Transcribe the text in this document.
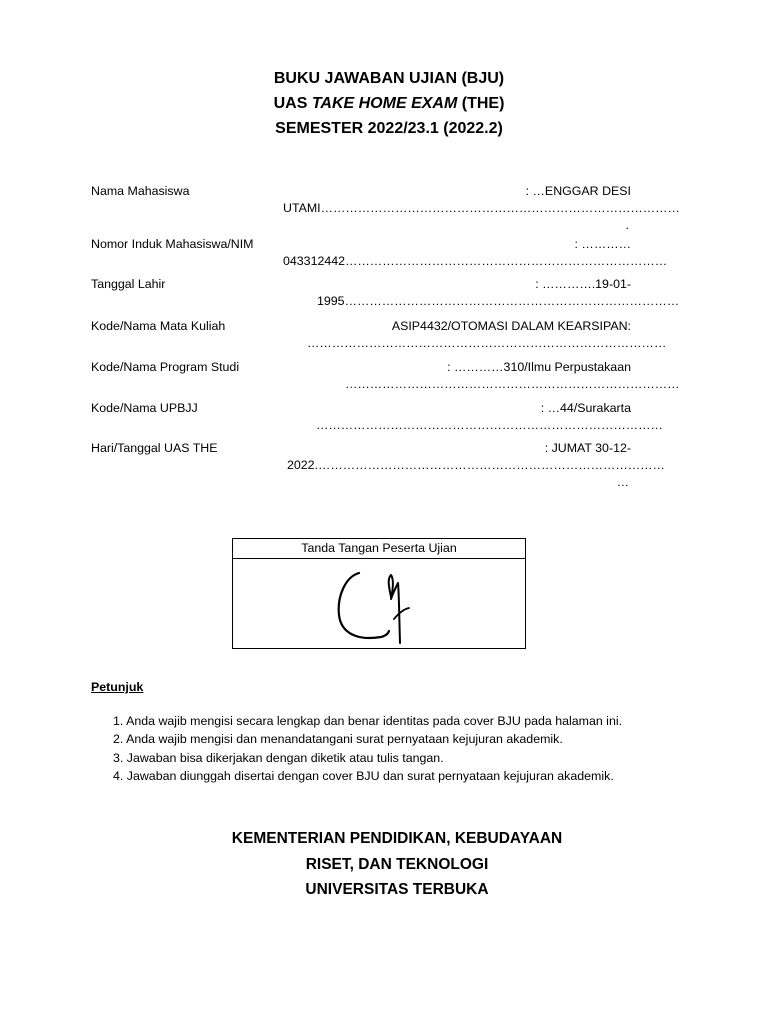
BUKU JAWABAN UJIAN (BJU)
UAS TAKE HOME EXAM (THE)
SEMESTER 2022/23.1 (2022.2)
Nama Mahasiswa	: …ENGGAR DESI
UTAMI……………………………………………………………………………
.
Nomor Induk Mahasiswa/NIM	: …………
043312442……………………………………………………………………
Tanggal Lahir	: ………….19-01-
1995………………………………………………………………………
Kode/Nama Mata Kuliah	ASIP4432/OTOMASI DALAM KEARSIPAN:
……………………………………………………………………………
Kode/Nama Program Studi	: …………310/Ilmu Perpustakaan
………………………………………………………………………
Kode/Nama UPBJJ	: …44/Surakarta
…………………………………………………………………………
Hari/Tanggal UAS THE	: JUMAT 30-12-
2022.…………………………………………………………………………
…
Tanda Tangan Peserta Ujian
Petunjuk
1. Anda wajib mengisi secara lengkap dan benar identitas pada cover BJU pada halaman ini.
2. Anda wajib mengisi dan menandatangani surat pernyataan kejujuran akademik.
3. Jawaban bisa dikerjakan dengan diketik atau tulis tangan.
4. Jawaban diunggah disertai dengan cover BJU dan surat pernyataan kejujuran akademik.
KEMENTERIAN PENDIDIKAN, KEBUDAYAAN
RISET, DAN TEKNOLOGI
UNIVERSITAS TERBUKA
